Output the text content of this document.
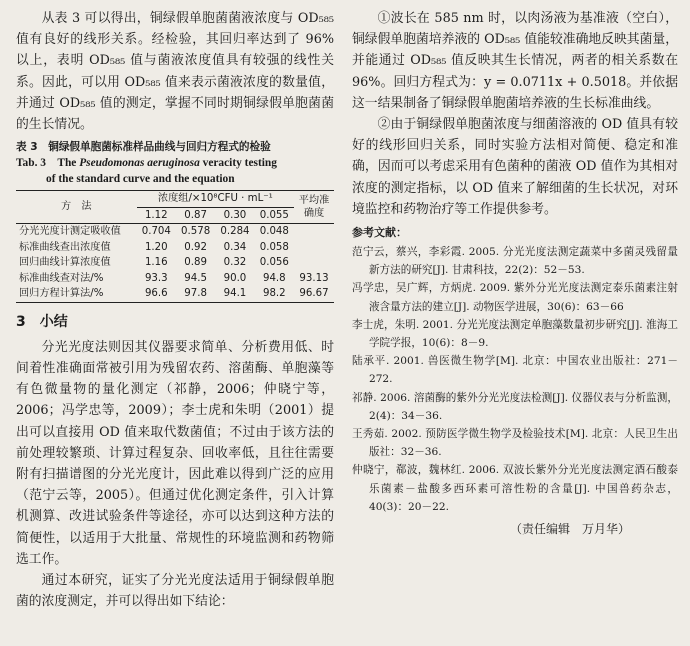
从表 3 可以得出，铜绿假单胞菌菌液浓度与 OD₅₈₅ 值有良好的线形关系。经检验，其回归率达到了 96% 以上，表明 OD₅₈₅ 值与菌液浓度值具有较强的线性关系。因此，可以用 OD₅₈₅ 值来表示菌液浓度的数量值，并通过 OD₅₈₅ 值的测定，掌握不同时期铜绿假单胞菌菌的生长情况。

表 3　铜绿假单胞菌标准样品曲线与回归方程式的检验
Tab. 3　The Pseudomonas aeruginosa veracity testing
of the standard curve and the equation
方　法	浓度组/×10⁸CFU · mL⁻¹				平均准确度
	1.12	0.87	0.30	0.055	
分光光度计测定吸收值	0.704	0.578	0.284	0.048	
标准曲线查出浓度值	1.20	0.92	0.34	0.058	
回归曲线计算浓度值	1.16	0.89	0.32	0.056	
标准曲线查对法/%	93.3	94.5	90.0	94.8	93.13
回归方程计算法/%	96.6	97.8	94.1	98.2	96.67
3　小结

分光光度法则因其仪器要求简单、分析费用低、时间着性准确面常被引用为残留农药、溶菌酶、单胞藻等有色微量物的量化测定（祁静，2006；仲晓宁等，2006；冯学忠等，2009）；李士虎和朱明（2001）提出可以直接用 OD 值来取代数菌值；不过由于该方法的前处理较繁琐、计算过程复杂、回收率低，且往往需要附有扫描谱图的分光光度计，因此难以得到广泛的应用（范宁云等，2005）。但通过优化测定条件，引入计算机测算、改进试验条件等途径，亦可以达到这种方法的简便性，以适用于大批量、常规性的环境监测和药物筛选工作。

通过本研究，证实了分光光度法适用于铜绿假单胞菌的浓度测定，并可以得出如下结论：

①波长在 585 nm 时，以肉汤液为基准液（空白），铜绿假单胞菌培养液的 OD₅₈₅ 值能较准确地反映其菌量，并能通过 OD₅₈₅ 值反映其生长情况，两者的相关系数在 96%。回归方程式为：y = 0.0711x + 0.5018。并依据这一结果制备了铜绿假单胞菌培养液的生长标准曲线。

②由于铜绿假单胞菌浓度与细菌溶液的 OD 值具有较好的线形回归关系，同时实验方法相对简便、稳定和准确，因而可以考虑采用有色菌种的菌液 OD 值作为其相对浓度的测定指标，以 OD 值来了解细菌的生长状况，对环境监控和药物治疗等工作提供参考。

参考文献：

范宁云，蔡兴，李彩霞. 2005. 分光光度法测定蔬菜中多菌灵残留量新方法的研究[J]. 甘肃科技，22(2)：52－53.

冯学忠，吴广辉，方炳虎. 2009. 紫外分光光度法测定泰乐菌素注射液含量方法的建立[J]. 动物医学进展，30(6)：63－66

李士虎，朱明. 2001. 分光光度法测定单胞藻数量初步研究[J]. 淮海工学院学报，10(6)：8－9.

陆承平. 2001. 兽医微生物学[M]. 北京：中国农业出版社：271－272.

祁静. 2006. 溶菌酶的紫外分光光度法检测[J]. 仪器仪表与分析监测，2(4)：34－36.

王秀茹. 2002. 预防医学微生物学及检验技术[M]. 北京：人民卫生出版社：32－36.

仲晓宁，郗波，魏林红. 2006. 双波长紫外分光光度法测定酒石酸泰乐菌素－盐酸多西环素可溶性粉的含量[J]. 中国兽药杂志，40(3)：20－22.

（责任编辑　万月华）
